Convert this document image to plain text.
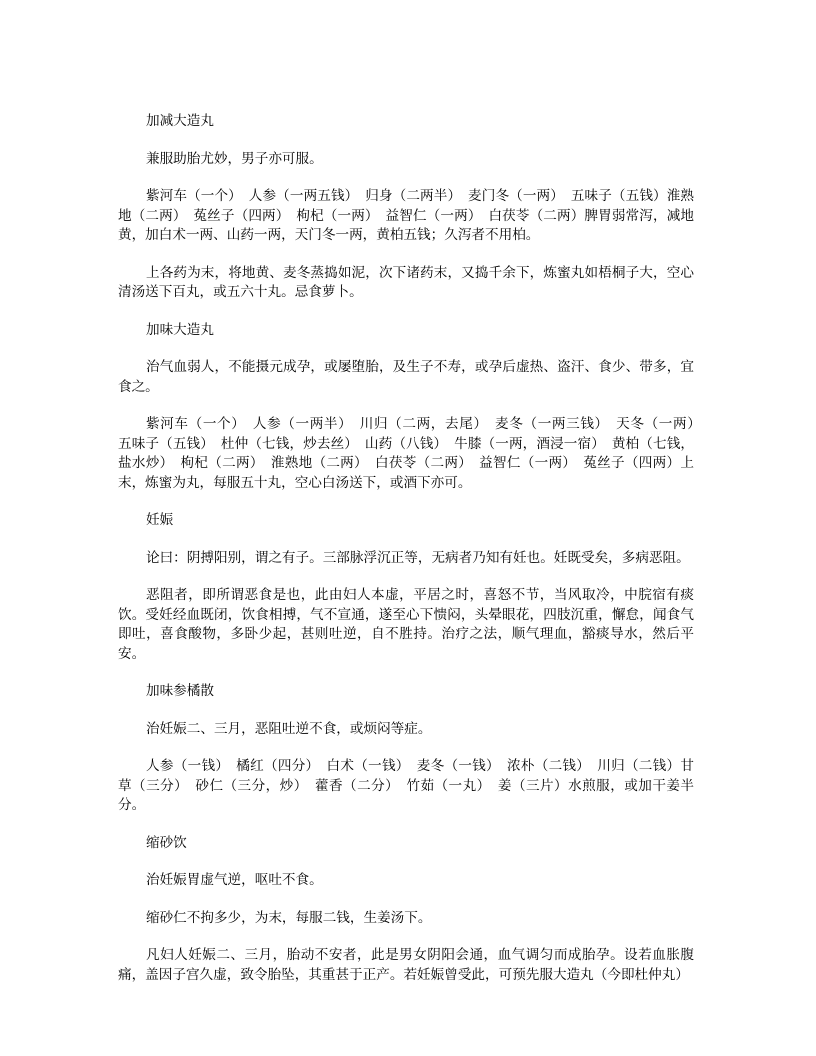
加减大造丸

兼服助胎尤妙，男子亦可服。

紫河车（一个）　人参（一两五钱）　归身（二两半）　麦门冬（一两）　五味子（五钱）淮熟地（二两）　菟丝子（四两）　枸杞（一两）　益智仁（一两）　白茯苓（二两）脾胃弱常泻，减地黄，加白术一两、山药一两，天门冬一两，黄柏五钱；久泻者不用柏。

上各药为末，将地黄、麦冬蒸捣如泥，次下诸药末，又捣千余下，炼蜜丸如梧桐子大，空心清汤送下百丸，或五六十丸。忌食萝卜。

加味大造丸

治气血弱人，不能摄元成孕，或屡堕胎，及生子不寿，或孕后虚热、盗汗、食少、带多，宜食之。

紫河车（一个）　人参（一两半）　川归（二两，去尾）　麦冬（一两三钱）　天冬（一两）　五味子（五钱）　杜仲（七钱，炒去丝）　山药（八钱）　牛膝（一两，酒浸一宿）　黄柏（七钱，盐水炒）　枸杞（二两）　淮熟地（二两）　白茯苓（二两）　益智仁（一两）　菟丝子（四两）上末，炼蜜为丸，每服五十丸，空心白汤送下，或酒下亦可。

妊娠

论曰：阴搏阳别，谓之有子。三部脉浮沉正等，无病者乃知有妊也。妊既受矣，多病恶阻。

恶阻者，即所谓恶食是也，此由妇人本虚，平居之时，喜怒不节，当风取冷，中脘宿有痰饮。受妊经血既闭，饮食相搏，气不宣通，遂至心下愦闷，头晕眼花，四肢沉重，懈怠，闻食气即吐，喜食酸物，多卧少起，甚则吐逆，自不胜持。治疗之法，顺气理血，豁痰导水，然后平安。

加味参橘散

治妊娠二、三月，恶阻吐逆不食，或烦闷等症。

人参（一钱）　橘红（四分）　白术（一钱）　麦冬（一钱）　浓朴（二钱）　川归（二钱）甘草（三分）　砂仁（三分，炒）　藿香（二分）　竹茹（一丸）　姜（三片）水煎服，或加干姜半分。

缩砂饮

治妊娠胃虚气逆，呕吐不食。

缩砂仁不拘多少，为末，每服二钱，生姜汤下。

凡妇人妊娠二、三月，胎动不安者，此是男女阴阳会通，血气调匀而成胎孕。设若血胀腹痛，盖因子宫久虚，致令胎坠，其重甚于正产。若妊娠曾受此，可预先服大造丸（今即杜仲丸）
